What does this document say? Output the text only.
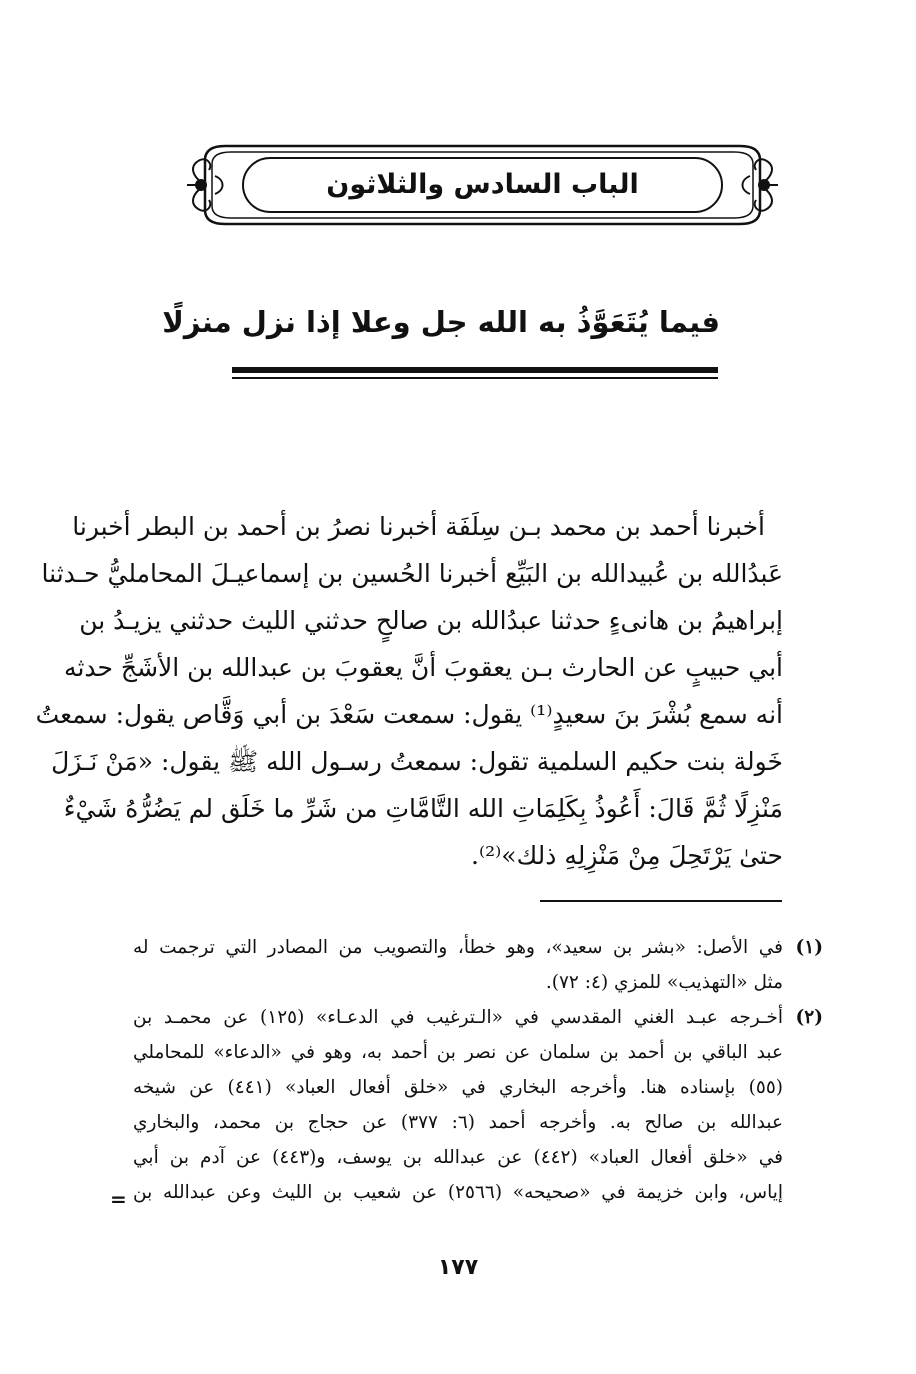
الباب السادس والثلاثون
فيما يُتَعَوَّذُ به الله جل وعلا إذا نزل منزلًا
أخبرنا أحمد بن محمد بـن سِلَفَة أخبرنا نصرُ بن أحمد بن البطر أخبرنا
عَبدُالله بن عُبيدالله بن البَيِّع أخبرنا الحُسين بن إسماعيـلَ المحامليُّ حـدثنا
إبراهيمُ بن هانىءٍ حدثنا عبدُالله بن صالحٍ حدثني الليث حدثني يزيـدُ بن
أبي حبيبٍ عن الحارث بـن يعقوبَ أنَّ يعقوبَ بن عبدالله بن الأشَجِّ حدثه
أنه سمع بُشْرَ بنَ سعيدٍ⁽¹⁾ يقول: سمعت سَعْدَ بن أبي وَقَّاص يقول: سمعتُ
خَولة بنت حكيم السلمية تقول: سمعتُ رسـول الله ﷺ يقول: «مَنْ نَـزَلَ
مَنْزِلًا ثُمَّ قَالَ: أَعُوذُ بِكَلِمَاتِ الله التَّامَّاتِ من شَرِّ ما خَلَق لم يَضُرُّهُ شَيْءٌ
حتىٰ يَرْتَحِلَ مِنْ مَنْزِلِهِ ذلك»⁽²⁾.
(١)
في الأصل: «بشر بن سعيد»، وهو خطأ، والتصويب من المصادر التي ترجمت له
مثل «التهذيب» للمزي (٤: ٧٢).
(٢)
أخـرجه عبـد الغني المقدسي في «الـترغيب في الدعـاء» (١٢٥) عن محمـد بن
عبد الباقي بن أحمد بن سلمان عن نصر بن أحمد به، وهو في «الدعاء» للمحاملي
(٥٥) بإسناده هنا. وأخرجه البخاري في «خلق أفعال العباد» (٤٤١) عن شيخه
عبدالله بن صالح به. وأخرجه أحمد (٦: ٣٧٧) عن حجاج بن محمد، والبخاري
في «خلق أفعال العباد» (٤٤٢) عن عبدالله بن يوسف، و(٤٤٣) عن آدم بن أبي
إياس، وابن خزيمة في «صحيحه» (٢٥٦٦) عن شعيب بن الليث وعن عبدالله بن
=
١٧٧
